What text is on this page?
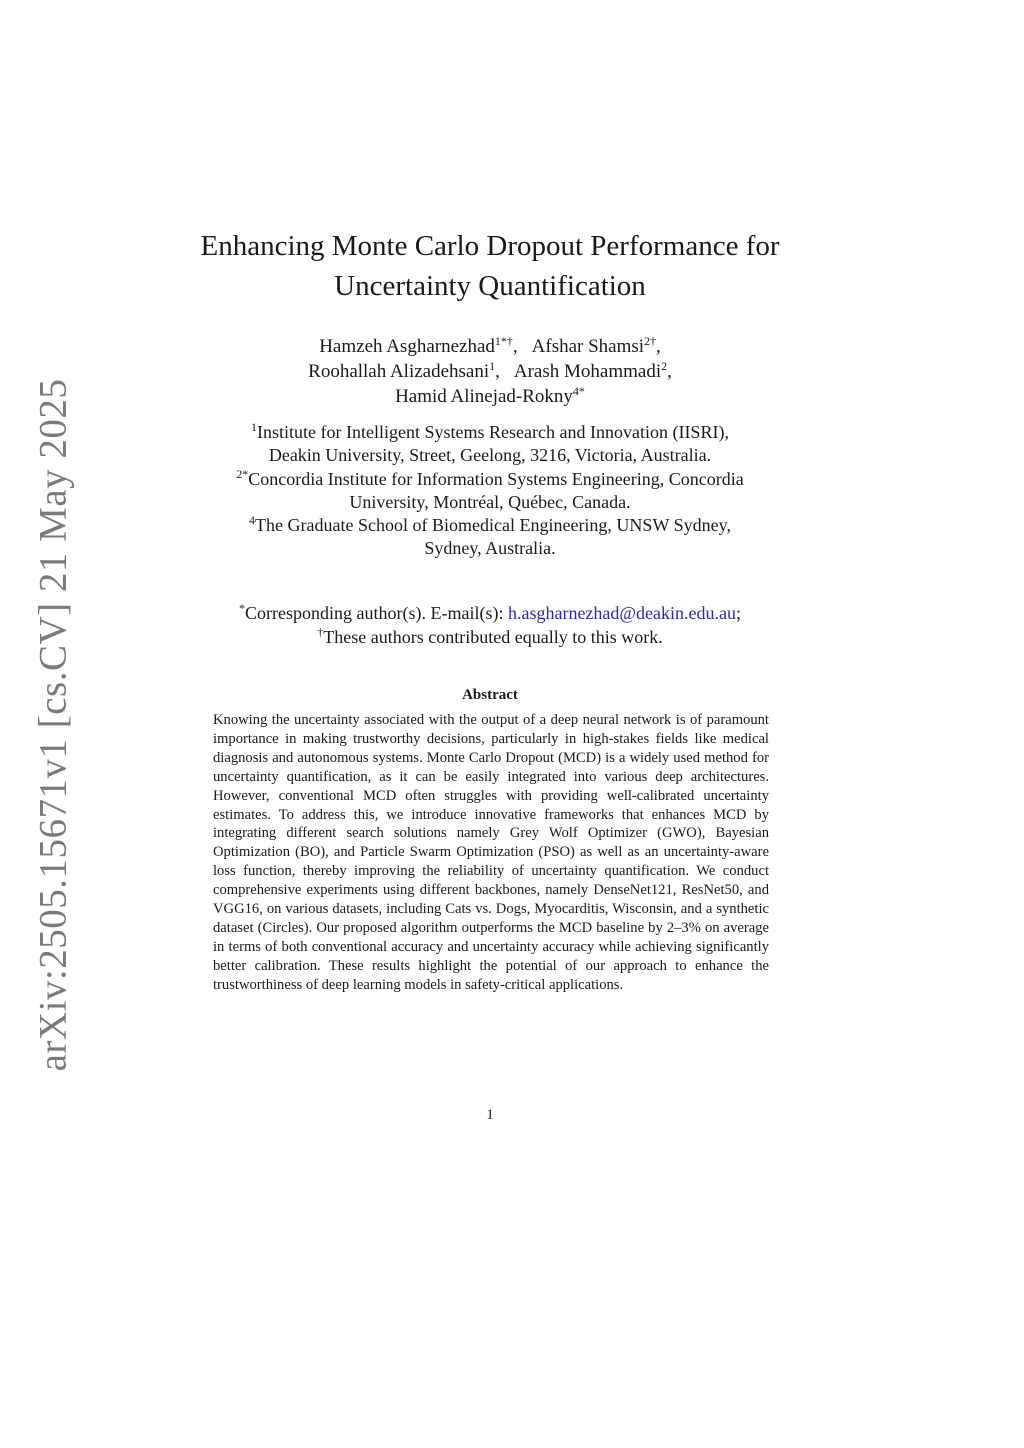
arXiv:2505.15671v1 [cs.CV] 21 May 2025
Enhancing Monte Carlo Dropout Performance for
Uncertainty Quantification
Hamzeh Asgharnezhad$^{1*\dagger}$, Afshar Shamsi$^{2\dagger}$,
Roohallah Alizadehsani$^1$, Arash Mohammadi$^2$,
Hamid Alinejad-Rokny$^{4*}$
$^1$Institute for Intelligent Systems Research and Innovation (IISRI),
Deakin University, Street, Geelong, 3216, Victoria, Australia.
$^{2*}$Concordia Institute for Information Systems Engineering, Concordia
University, Montréal, Québec, Canada.
$^4$The Graduate School of Biomedical Engineering, UNSW Sydney,
Sydney, Australia.
*Corresponding author(s). E-mail(s): h.asgharnezhad@deakin.edu.au;
†These authors contributed equally to this work.
Abstract

Knowing the uncertainty associated with the output of a deep neural network is of paramount importance in making trustworthy decisions, particularly in high-stakes fields like medical diagnosis and autonomous systems. Monte Carlo Dropout (MCD) is a widely used method for uncertainty quantification, as it can be easily integrated into various deep architectures. However, conventional MCD often struggles with providing well-calibrated uncertainty estimates. To address this, we introduce innovative frameworks that enhances MCD by integrating different search solutions namely Grey Wolf Optimizer (GWO), Bayesian Optimization (BO), and Particle Swarm Optimization (PSO) as well as an uncertainty-aware loss function, thereby improving the reliability of uncertainty quantification. We conduct comprehensive experiments using different backbones, namely DenseNet121, ResNet50, and VGG16, on various datasets, including Cats vs. Dogs, Myocarditis, Wisconsin, and a synthetic dataset (Circles). Our proposed algorithm outperforms the MCD baseline by 2–3% on average in terms of both conventional accuracy and uncertainty accuracy while achieving significantly better calibration. These results highlight the potential of our approach to enhance the trustworthiness of deep learning models in safety-critical applications.

1
